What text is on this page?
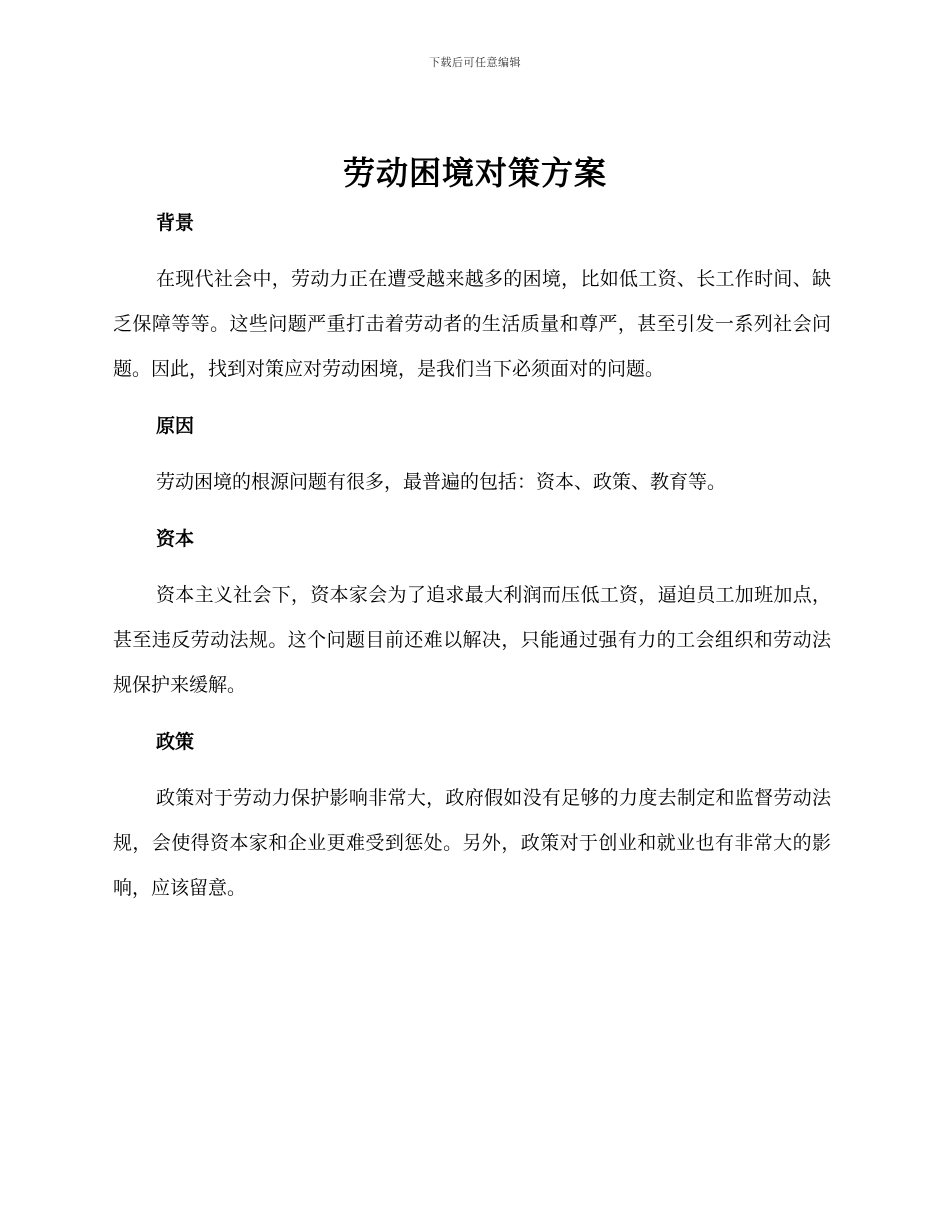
下载后可任意编辑
劳动困境对策方案
背景

在现代社会中，劳动力正在遭受越来越多的困境，比如低工资、长工作时间、缺乏保障等等。这些问题严重打击着劳动者的生活质量和尊严，甚至引发一系列社会问题。因此，找到对策应对劳动困境，是我们当下必须面对的问题。

原因

劳动困境的根源问题有很多，最普遍的包括：资本、政策、教育等。

资本

资本主义社会下，资本家会为了追求最大利润而压低工资，逼迫员工加班加点，甚至违反劳动法规。这个问题目前还难以解决，只能通过强有力的工会组织和劳动法规保护来缓解。

政策

政策对于劳动力保护影响非常大，政府假如没有足够的力度去制定和监督劳动法规，会使得资本家和企业更难受到惩处。另外，政策对于创业和就业也有非常大的影响，应该留意。
